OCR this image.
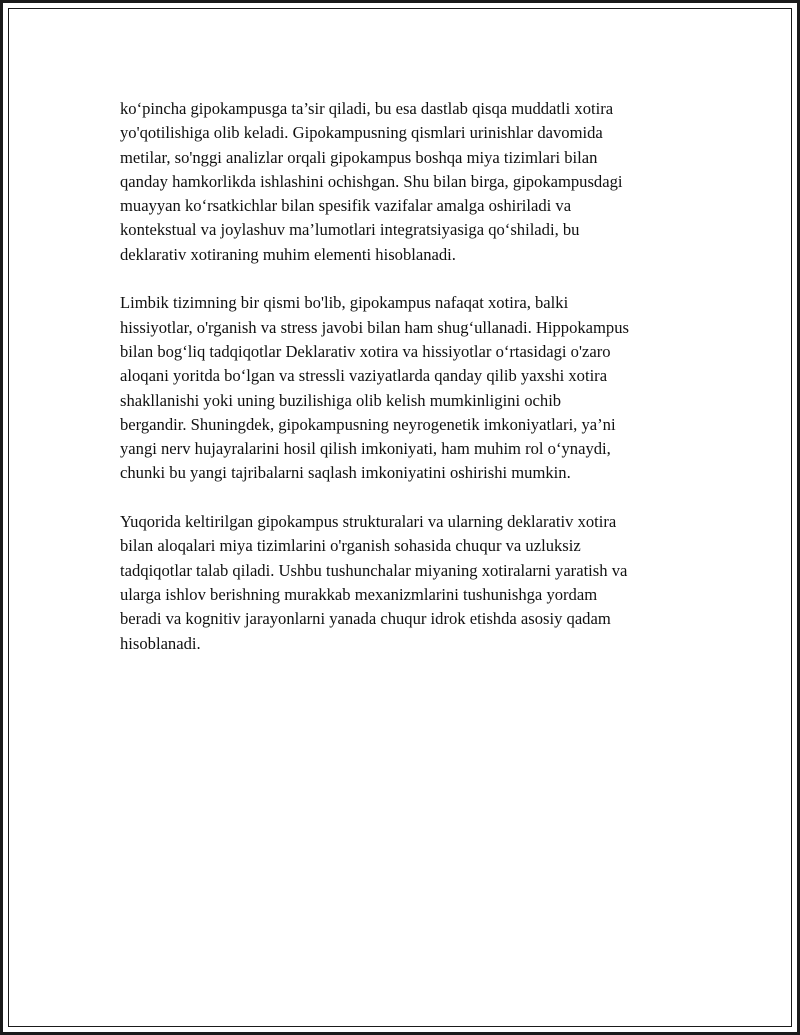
ko‘pincha gipokampusga ta’sir qiladi, bu esa dastlab qisqa muddatli xotira
yo'qotilishiga olib keladi. Gipokampusning qismlari urinishlar davomida
metilar, so'nggi analizlar orqali gipokampus boshqa miya tizimlari bilan
qanday hamkorlikda ishlashini ochishgan. Shu bilan birga, gipokampusdagi
muayyan ko‘rsatkichlar bilan spesifik vazifalar amalga oshiriladi va
kontekstual va joylashuv ma’lumotlari integratsiyasiga qo‘shiladi, bu
deklarativ xotiraning muhim elementi hisoblanadi.

Limbik tizimning bir qismi bo'lib, gipokampus nafaqat xotira, balki
hissiyotlar, o'rganish va stress javobi bilan ham shug‘ullanadi. Hippokampus
bilan bog‘liq tadqiqotlar Deklarativ xotira va hissiyotlar o‘rtasidagi o'zaro
aloqani yoritda bo‘lgan va stressli vaziyatlarda qanday qilib yaxshi xotira
shakllanishi yoki uning buzilishiga olib kelish mumkinligini ochib
bergandir. Shuningdek, gipokampusning neyrogenetik imkoniyatlari, ya’ni
yangi nerv hujayralarini hosil qilish imkoniyati, ham muhim rol o‘ynaydi,
chunki bu yangi tajribalarni saqlash imkoniyatini oshirishi mumkin.

Yuqorida keltirilgan gipokampus strukturalari va ularning deklarativ xotira
bilan aloqalari miya tizimlarini o'rganish sohasida chuqur va uzluksiz
tadqiqotlar talab qiladi. Ushbu tushunchalar miyaning xotiralarni yaratish va
ularga ishlov berishning murakkab mexanizmlarini tushunishga yordam
beradi va kognitiv jarayonlarni yanada chuqur idrok etishda asosiy qadam
hisoblanadi.
